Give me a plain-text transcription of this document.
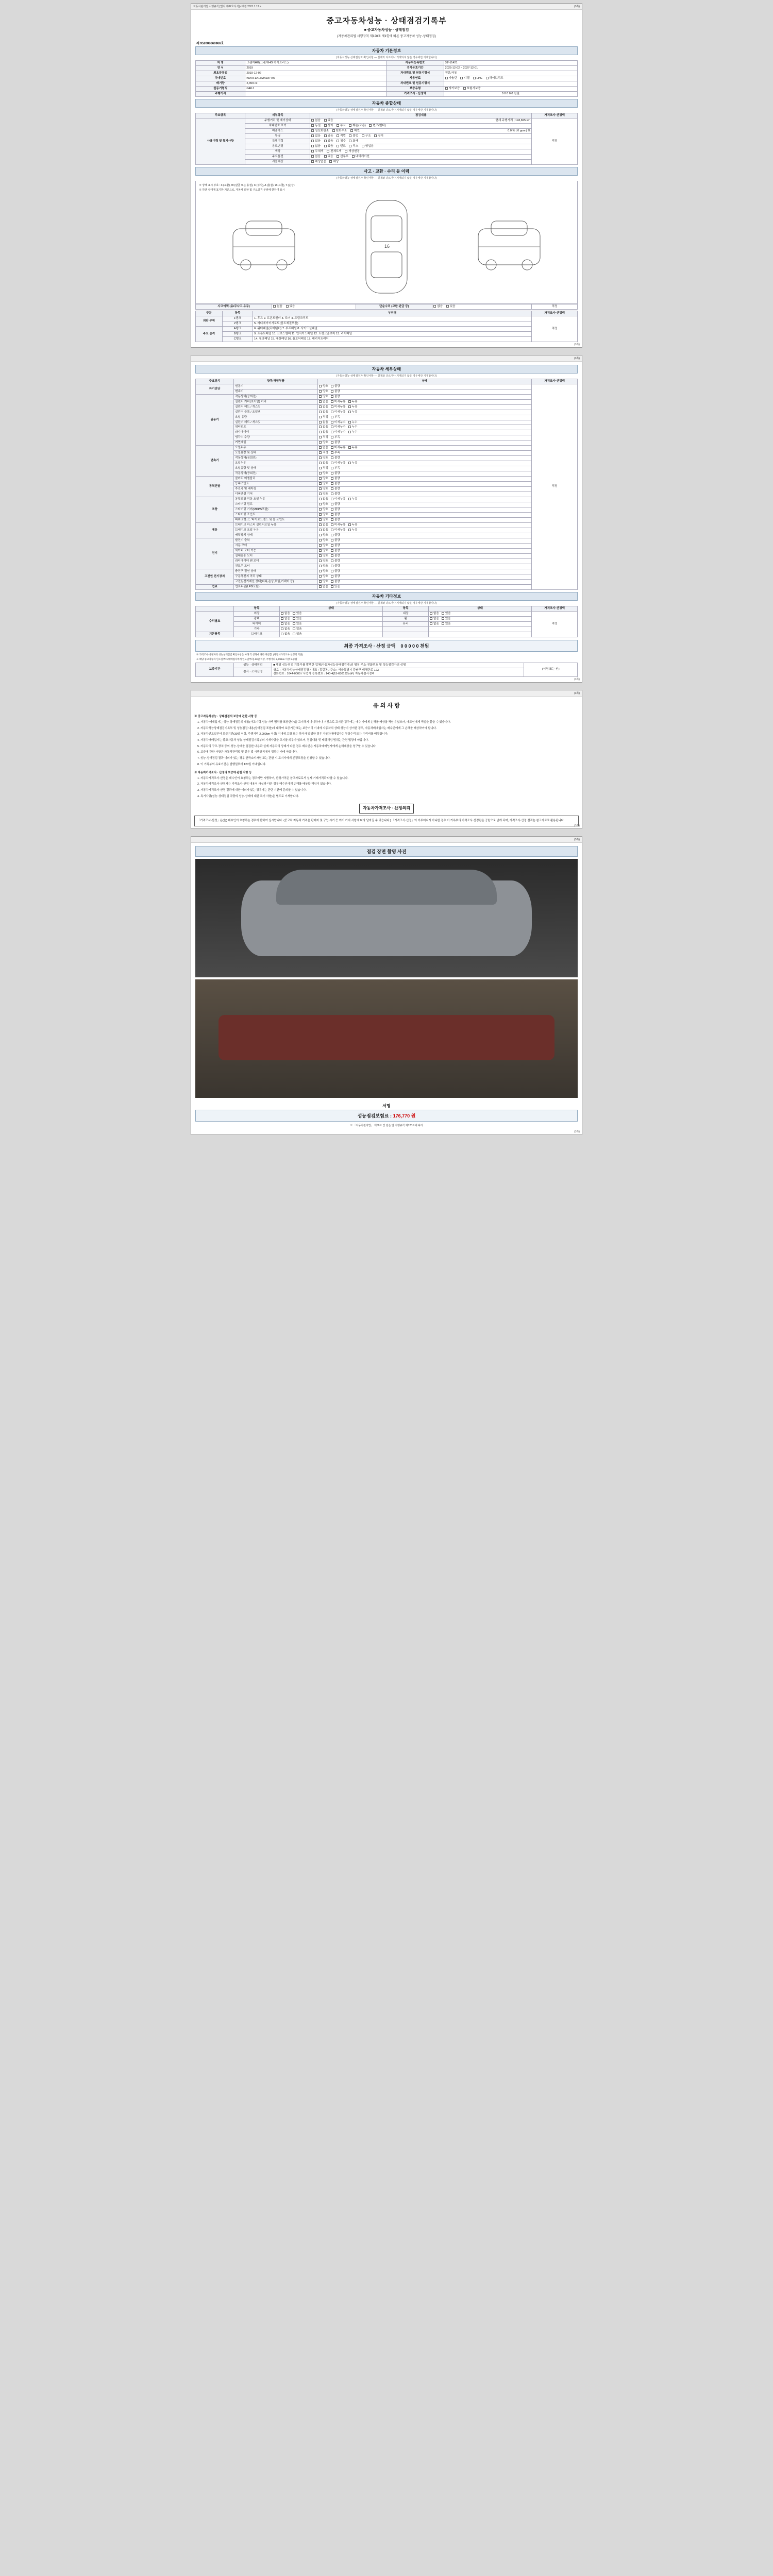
자동차관리법 시행규칙 [별지 제82호서식] <개정 2021.1.13.>	(3쪽)
중고자동차성능 · 상태점검기록부
■ 중고자동차성능 · 상태점검
(자동차관리법 시행규칙 제120조 제1항에 따른 중고자동차 성능·상태점검)
제 952008666966호
자동차 기본정보
(자동차성능·상태점검자 확인사항 — 실제와 다르거나 기재되지 않은 경우에만 기재합니다)
차 명	그랜저HG(그랜저HG 하이브리드)	자동차등록번호	31너1421
연 식	2019	검사유효기간	2025-12-02 ~ 2027-12-01
최초등록일	2019-12-02	차대번호 및 원동기형식	전륜/자동
차대번호	KMHF1A13MA937797	사용연료	가솔린 디젤 LPG 하이브리드
배기량	2,359 cc	차대번호 및 원동기형식	
원동기형식	G4KJ	보증유형	자가보증 보험사보증
주행거리		가격조사 · 산정액	0 0 0 0 0 천원
자동차 종합상태
(자동차성능·상태점검자 확인사항 — 실제와 다르거나 기재되지 않은 경우에만 기재합니다)
주요항목	세부항목	점검내용	가격조사·산정액
사용이력 및 특기사항	주행거리 및 계기상태	없음 있음 현재 주행거리 | 143,825 km	적정
	차대번호 표기	동일 상이 부식 훼손(오손) 변조(변타)	
	배출가스	일산화탄소 탄화수소 매연 0.0 % | 0 ppm | %	

	튜닝	없음 있음 적법 불법 구조 장치	
	특별이력	없음 있음 침수 화재	
	용도변경	없음 있음 렌트 리스 영업용	
	색상	무채색 전체도색 색상변경	
	주요옵션	없음 있음 선루프 내비게이션	
	리콜대상	해당없음 해당	
사고 · 교환 · 수리 등 이력
(자동차성능·상태점검자 확인사항 — 실제와 다르거나 기재되지 않은 경우에만 기재합니다)
※ 상태 표시 부호 : X (교환), W (판금 또는 용접), C (부식), A (흠집), U (요철), T (손상)
※ 하단 상태에 표기한 기준으로, 자동차 외판 및 주요골격 부위에 한하여 표시
16
사고이력 (유/무사고 유무)	없음 있음	단순수리 (교환·판금 등)	없음 있음	적정
구분	항목	부위명	가격조사·산정액
외판 부위	1랭크	1. 후드 2. 프론트휀더 3. 도어 4. 트렁크리드	적정
	2랭크	5. 라디에이터서포트(볼트체결부품)	
주요 골격	A랭크	6. 쿼터패널(리어휀더) 7. 루프패널 8. 사이드실패널	
	B랭크	9. 프론트패널 10. 크로스멤버 11. 인사이드패널 12. 트렁크플로어 13. 리어패널	
	C랭크	14. 필라패널 15. 대쉬패널 16. 플로어패널 17. 패키지트레이	
(3쪽)
(3쪽)
자동차 세부상태
(자동차성능·상태점검자 확인사항 — 실제와 다르거나 기재되지 않은 경우에만 기재합니다)
주요장치	항목/해당부품	상태	가격조사·산정액
자기진단	원동기	양호 불량	적정
	변속기	양호 불량	
원동기	작동상태(공회전)	양호 불량	
	실린더 커버(로커암) 커버	없음 미세누유 누유	
	실린더 헤드 / 개스킷	없음 미세누유 누유	
	실린더 블록 / 오일팬	없음 미세누유 누유	
	오일 유량	적정 부족	
	실린더 헤드 / 개스킷	없음 미세누수 누수	
	워터펌프	없음 미세누수 누수	
	라디에이터	없음 미세누수 누수	
	냉각수 수량	적정 부족	
	커먼레일	양호 불량	
변속기	오일누유	없음 미세누유 누유	
	오일유량 및 상태	적정 부족	
	작동상태(공회전)	양호 불량	
	오일누유	없음 미세누유 누유	
	오일유량 및 상태	적정 부족	
	작동상태(공회전)	양호 불량	
동력전달	클러치 어셈블리	양호 불량	
	등속조인트	양호 불량	
	추진축 및 베어링	양호 불량	
	디퍼렌셜 기어	양호 불량	
조향	동력조향 작동 오일 누유	없음 미세누유 누유	
	스티어링 펌프	양호 불량	
	스티어링 기어(MDPS포함)	양호 불량	
	스티어링 조인트	양호 불량	
	파워크랭크', '타이로드엔드 및 볼 조인트	양호 불량	
제동	브레이크 마스터 실린더오일 누유	없음 미세누유 누유	
	브레이크 오일 누유	없음 미세누유 누유	
	배력장치 상태	양호 불량	
전기	발전기 출력	양호 불량	
	시동 모터	양호 불량	
	와이퍼 모터 기능	양호 불량	
	실내송풍 모터	양호 불량	
	라디에이터 팬 모터	양호 불량	
	윈도우 모터	양호 불량	
고전원 전기장치	충전구 절연 상태	양호 불량	
	구동축전지 격리 상태	양호 불량	
	고전원전기배선 상태(피복,손상,꺾임,커넥터 등)	양호 불량	
연료	연료누출(LPG포함)	없음 있음	
자동차 기타정보
(자동차성능·상태점검자 확인사항 — 실제와 다르거나 기재되지 않은 경우에만 기재합니다)
	항목	상태	항목	상태	가격조사·산정액
수리필요	외장	없음 있음	내장	없음 있음	적정
	광택	없음 있음	휠	없음 있음	
	타이어	없음 있음	유리	없음 있음	
	기타	없음 있음			
기본품목	브레이크	없음 있음			
최종 가격조사 · 산정 금액 0 0 0 0 0 천원
※ 가격조사·산정자의 성능상태점검 확인사항은 아래 각 항목에 따라 계산함. (자동차가격조사·산정액 기준)
※ 해당 중고자동차 인도일부터(매매업자에게 인도일부터) 30일 이상, 주행거리 2,000km 이상 보증함
보증기간	성능 · 상태점검	■ 해당 성능점검 기록부를 발행한 업체(자동차성능상태점검자)의 명칭·주소·전화번호 및 성능점검자의 성명	(서명 또는 인)
	검사 · 조사산정	상호 : 자동차성능상태점검장 / 대표 : 홍길동 / 주소 : 서울특별시 강남구 테헤란로 123
전화번호 : 1644-0000 / 사업자 등록번호 : 140-4(15-630192) (주) 자동차검사정비	
(3쪽)
(3쪽)
유 의 사 항
※ 중고자동차성능 · 상태점검의 보증에 관한 사항 등
1. 자동차 매매업자는 성능·상태점검의 내용(사고이력·성능 가액 범위를 포함한다)을 고지하지 아니하거나 거짓으로 고지한 경우에는 매수 자에게 손해를 배상할 책임이 있으며, 매도인에게 책임을 물을 수 있습니다.
2. 자동차성능상태점검기록부 및 성능점검 내용(상태점검 포함)에 대하여 보증기간 또는 보증거리 이내에 자동차의 상태 성능이 상이한 경우, 자동차매매업자는 매수인에게 그 손해를 배상하여야 합니다.
3. 자동차인도일부터 보증기간(30일 이상, 주행거리 2,000km 이상) 이내에 고장 또는 하자가 발생한 경우 자동차매매업자는 무상수리 또는 수리비를 배상합니다.
4. 자동차매매업자는 중고자동차 성능·상태점검기록부의 기재사항을 고지할 의무가 있으며, 점검내용 및 배상책임 범위는 관련 법령에 따릅니다.
5. 자동차의 구조·장치 등의 성능·상태를 점검한 내용과 실제 자동차의 상태가 다른 경우 매수인은 자동차매매업자에게 손해배상을 청구할 수 있습니다.
6. 보증에 관한 사항은 자동차관리법 및 같은 법 시행규칙에서 정하는 바에 따릅니다.
7. 성능·상태점검 결과 이의가 있는 경우 한국소비자원 또는 관할 시·도지사에게 분쟁조정을 신청할 수 있습니다.
8. 이 기록부의 유효기간은 발행일부터 120일 이내입니다.
※ 자동차가격조사 · 산정의 보증에 관한 사항 등
1. 자동차가격조사·산정은 매수인이 요청하는 경우에만 시행하며, 산정가격은 참고자료로서 실제 거래가격과 다를 수 있습니다.
2. 자동차가격조사·산정자는 가격조사·산정 내용이 사실과 다른 경우 매수인에게 손해를 배상할 책임이 있습니다.
3. 자동차가격조사·산정 결과에 대한 이의가 있는 경우에는 관련 기관에 문의할 수 있습니다.
4. 특기사항(성능·상태점검 차량의 성능·상태에 대한 특기 사항)은 별도로 기재합니다.
자동차가격조사 · 산정의뢰
「가격조사·산정」은(는) 매수인이 요청하는 경우에 한하여 실시합니다. (중고차 자동차 가격은 판매자 및 구입 시기 등 여러 가지 사항에 따라 달라질 수 있습니다.) 「가격조사·산정」이 이루어지지 아니한 경우 이 기록부의 가격조사·산정란은 공란으로 남게 되며, 가격조사·산정 결과는 참고자료로 활용됩니다.
(3쪽)
(3쪽)
점검 장면 촬영 사진
서명
성능점검보험료 : 176,770 원
※ 「자동차관리법」 제58조 및 같은 법 시행규칙 제120조에 따라
(3쪽)
